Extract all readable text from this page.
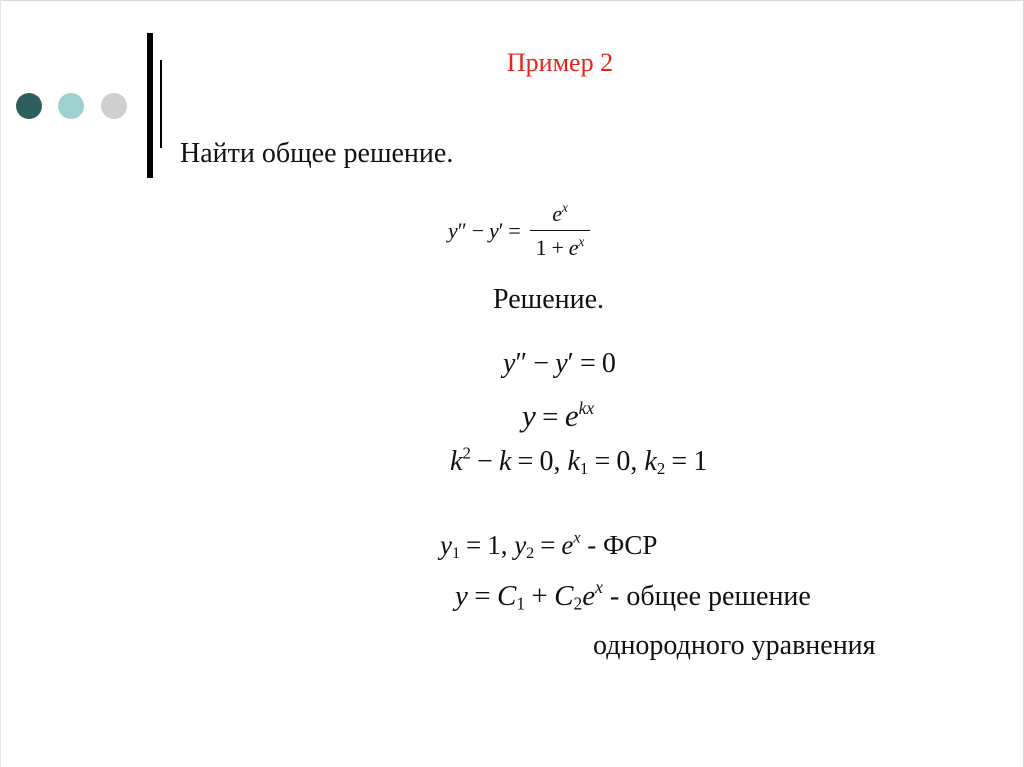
Пример 2
Найти общее решение.
$y'' - y' = \frac{e^x}{1 + e^x}$
Решение.
y″ − y′ = 0
$y = e^{kx}$
$k^2 - k = 0$, $k_1 = 0$, $k_2 = 1$
$y_1 = 1$, $y_2 = e^x$ - ФСР
$y = C_1 + C_2e^x$ - общее решение
однородного уравнения
